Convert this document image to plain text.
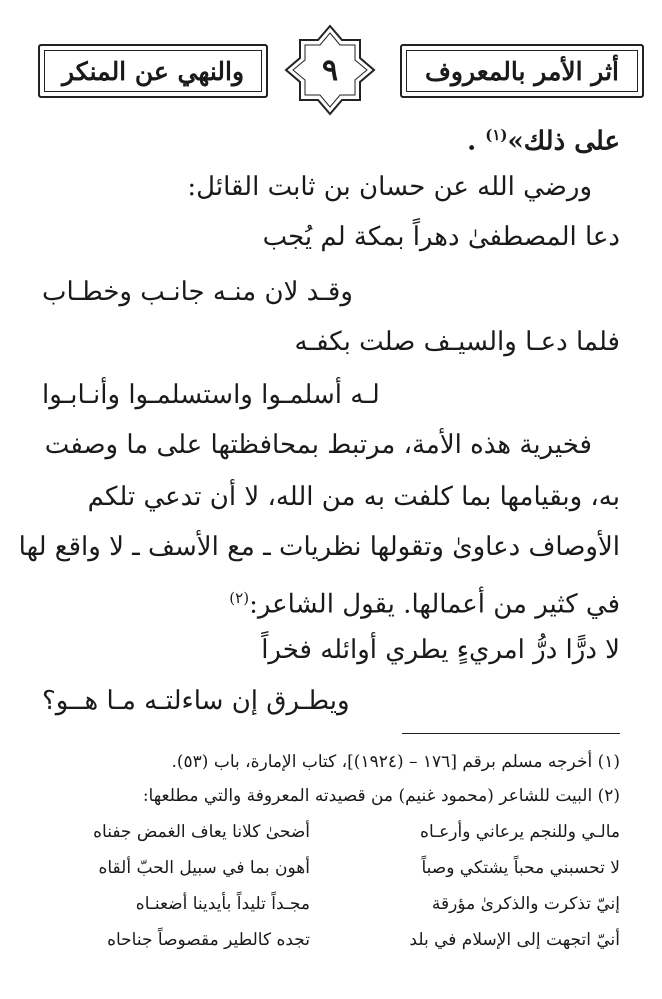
أثر الأمر بالمعروف
٩
والنهي عن المنكر
على ذلك»$^{(١)}$ .
ورضي الله عن حسان بن ثابت القائل:
دعا المصطفىٰ دهراً بمكة لم يُجب
وقـد لان منـه جانـب وخطـاب
فلما دعـا والسيـف صلت بكفـه
لـه أسلمـوا واستسلمـوا وأنـابـوا
فخيرية هذه الأمة، مرتبط بمحافظتها على ما وصفت
به، وبقيامها بما كلفت به من الله، لا أن تدعي تلكم
الأوصاف دعاوىٰ وتقولها نظريات ـ مع الأسف ـ لا واقع لها
في كثير من أعمالها. يقول الشاعر:$^{(٢)}$
لا درًّا درُّ امريءٍ يطري أوائله فخراً
ويطـرق إن ساءلتـه مـا هــو؟
(١) أخرجه مسلم برقم [١٧٦ – (١٩٢٤)]، كتاب الإمارة، باب (٥٣).
(٢) البيت للشاعر (محمود غنيم) من قصيدته المعروفة والتي مطلعها:
مالـي وللنجم يرعاني وأرعـاه
أضحىٰ كلانا يعاف الغمض جفناه
لا تحسبني محباً يشتكي وصباً
أهون بما في سبيل الحبّ ألقاه
إنيّ تذكرت والذكرىٰ مؤرقة
مجـداً تليداً بأيدينا أضعنـاه
أنيّ اتجهت إلى الإسلام في بلد
تجده كالطير مقصوصاً جناحاه
